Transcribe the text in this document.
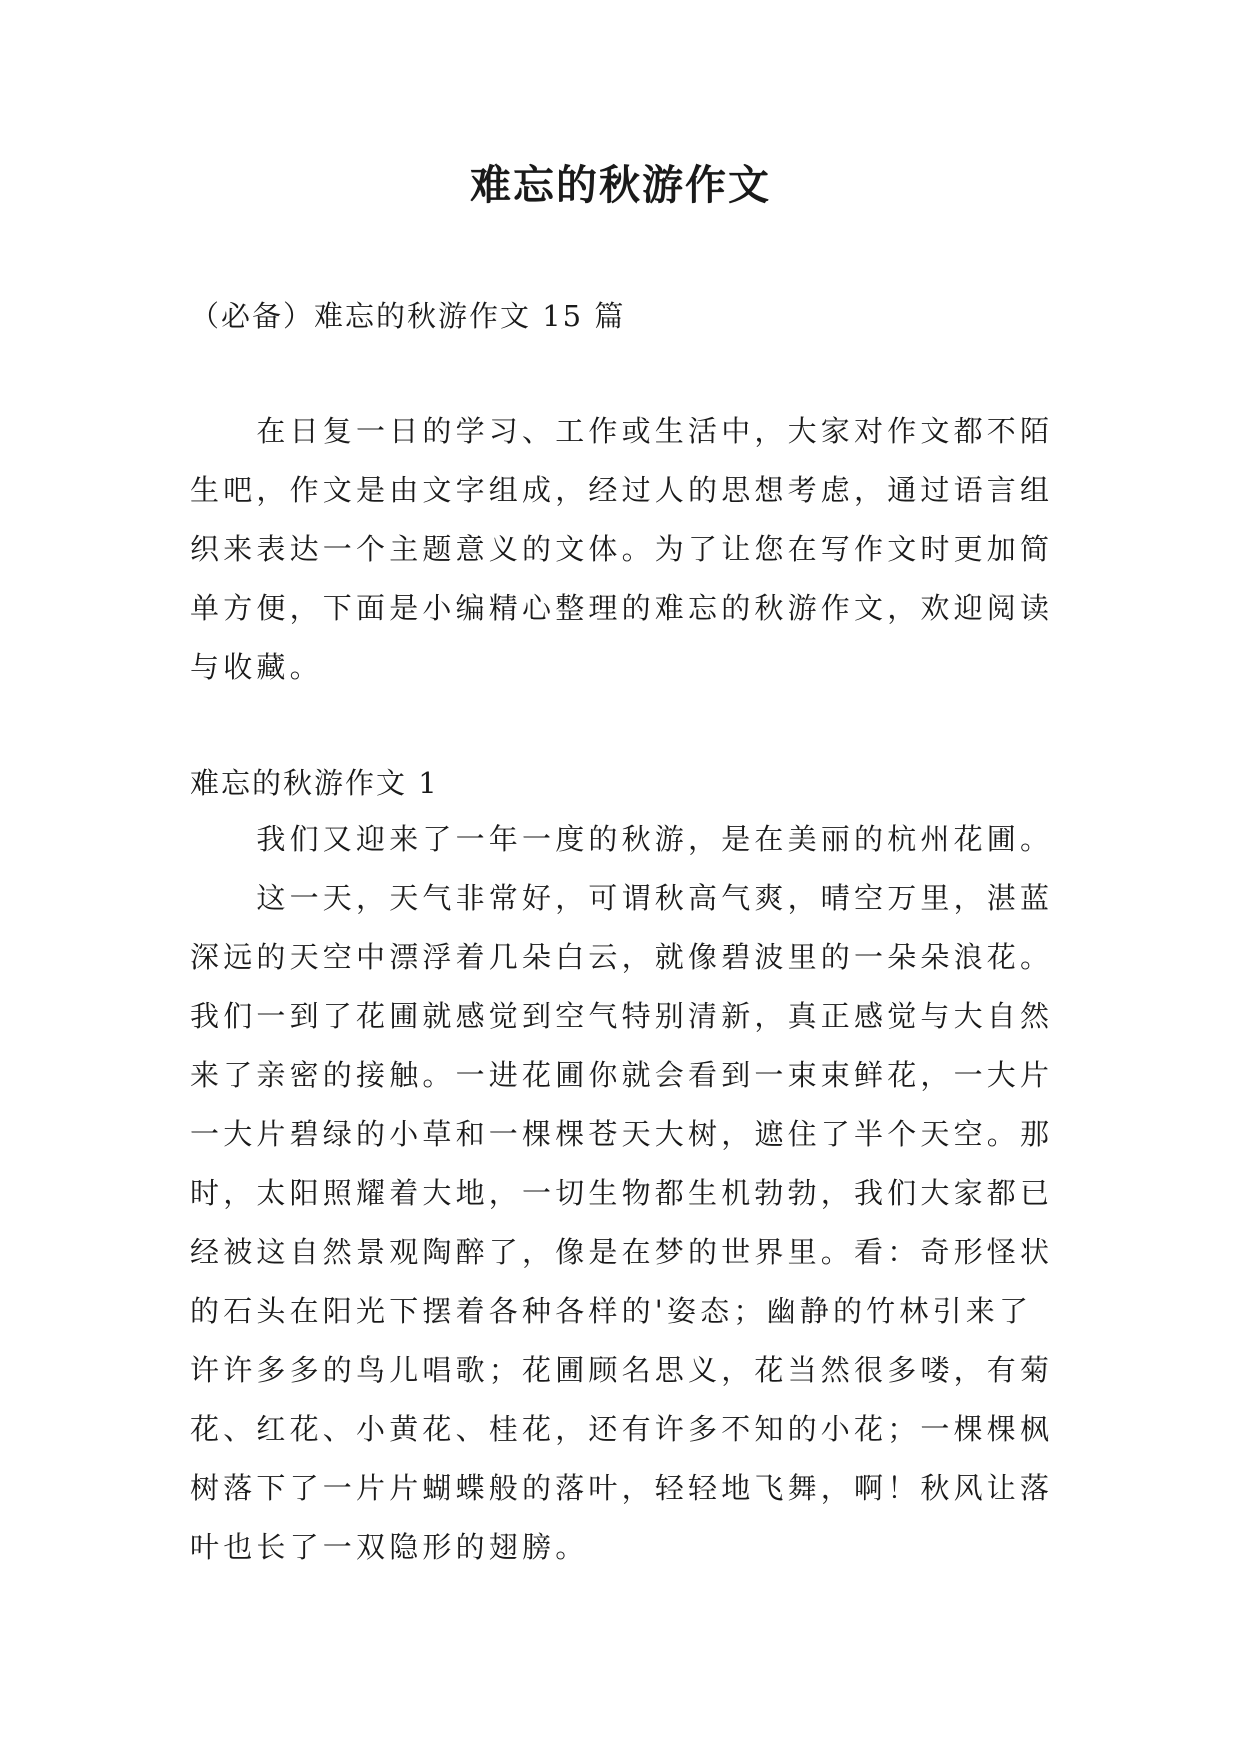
难忘的秋游作文
（必备）难忘的秋游作文 15 篇

　　在日复一日的学习、工作或生活中，大家对作文都不陌

生吧，作文是由文字组成，经过人的思想考虑，通过语言组

织来表达一个主题意义的文体。为了让您在写作文时更加简

单方便，下面是小编精心整理的难忘的秋游作文，欢迎阅读

与收藏。

难忘的秋游作文 1

　　我们又迎来了一年一度的秋游，是在美丽的杭州花圃。

　　这一天，天气非常好，可谓秋高气爽，晴空万里，湛蓝

深远的天空中漂浮着几朵白云，就像碧波里的一朵朵浪花。

我们一到了花圃就感觉到空气特别清新，真正感觉与大自然

来了亲密的接触。一进花圃你就会看到一束束鲜花，一大片

一大片碧绿的小草和一棵棵苍天大树，遮住了半个天空。那

时，太阳照耀着大地，一切生物都生机勃勃，我们大家都已

经被这自然景观陶醉了，像是在梦的世界里。看：奇形怪状

的石头在阳光下摆着各种各样的'姿态；幽静的竹林引来了

许许多多的鸟儿唱歌；花圃顾名思义，花当然很多喽，有菊

花、红花、小黄花、桂花，还有许多不知的小花；一棵棵枫

树落下了一片片蝴蝶般的落叶，轻轻地飞舞，啊！秋风让落

叶也长了一双隐形的翅膀。
